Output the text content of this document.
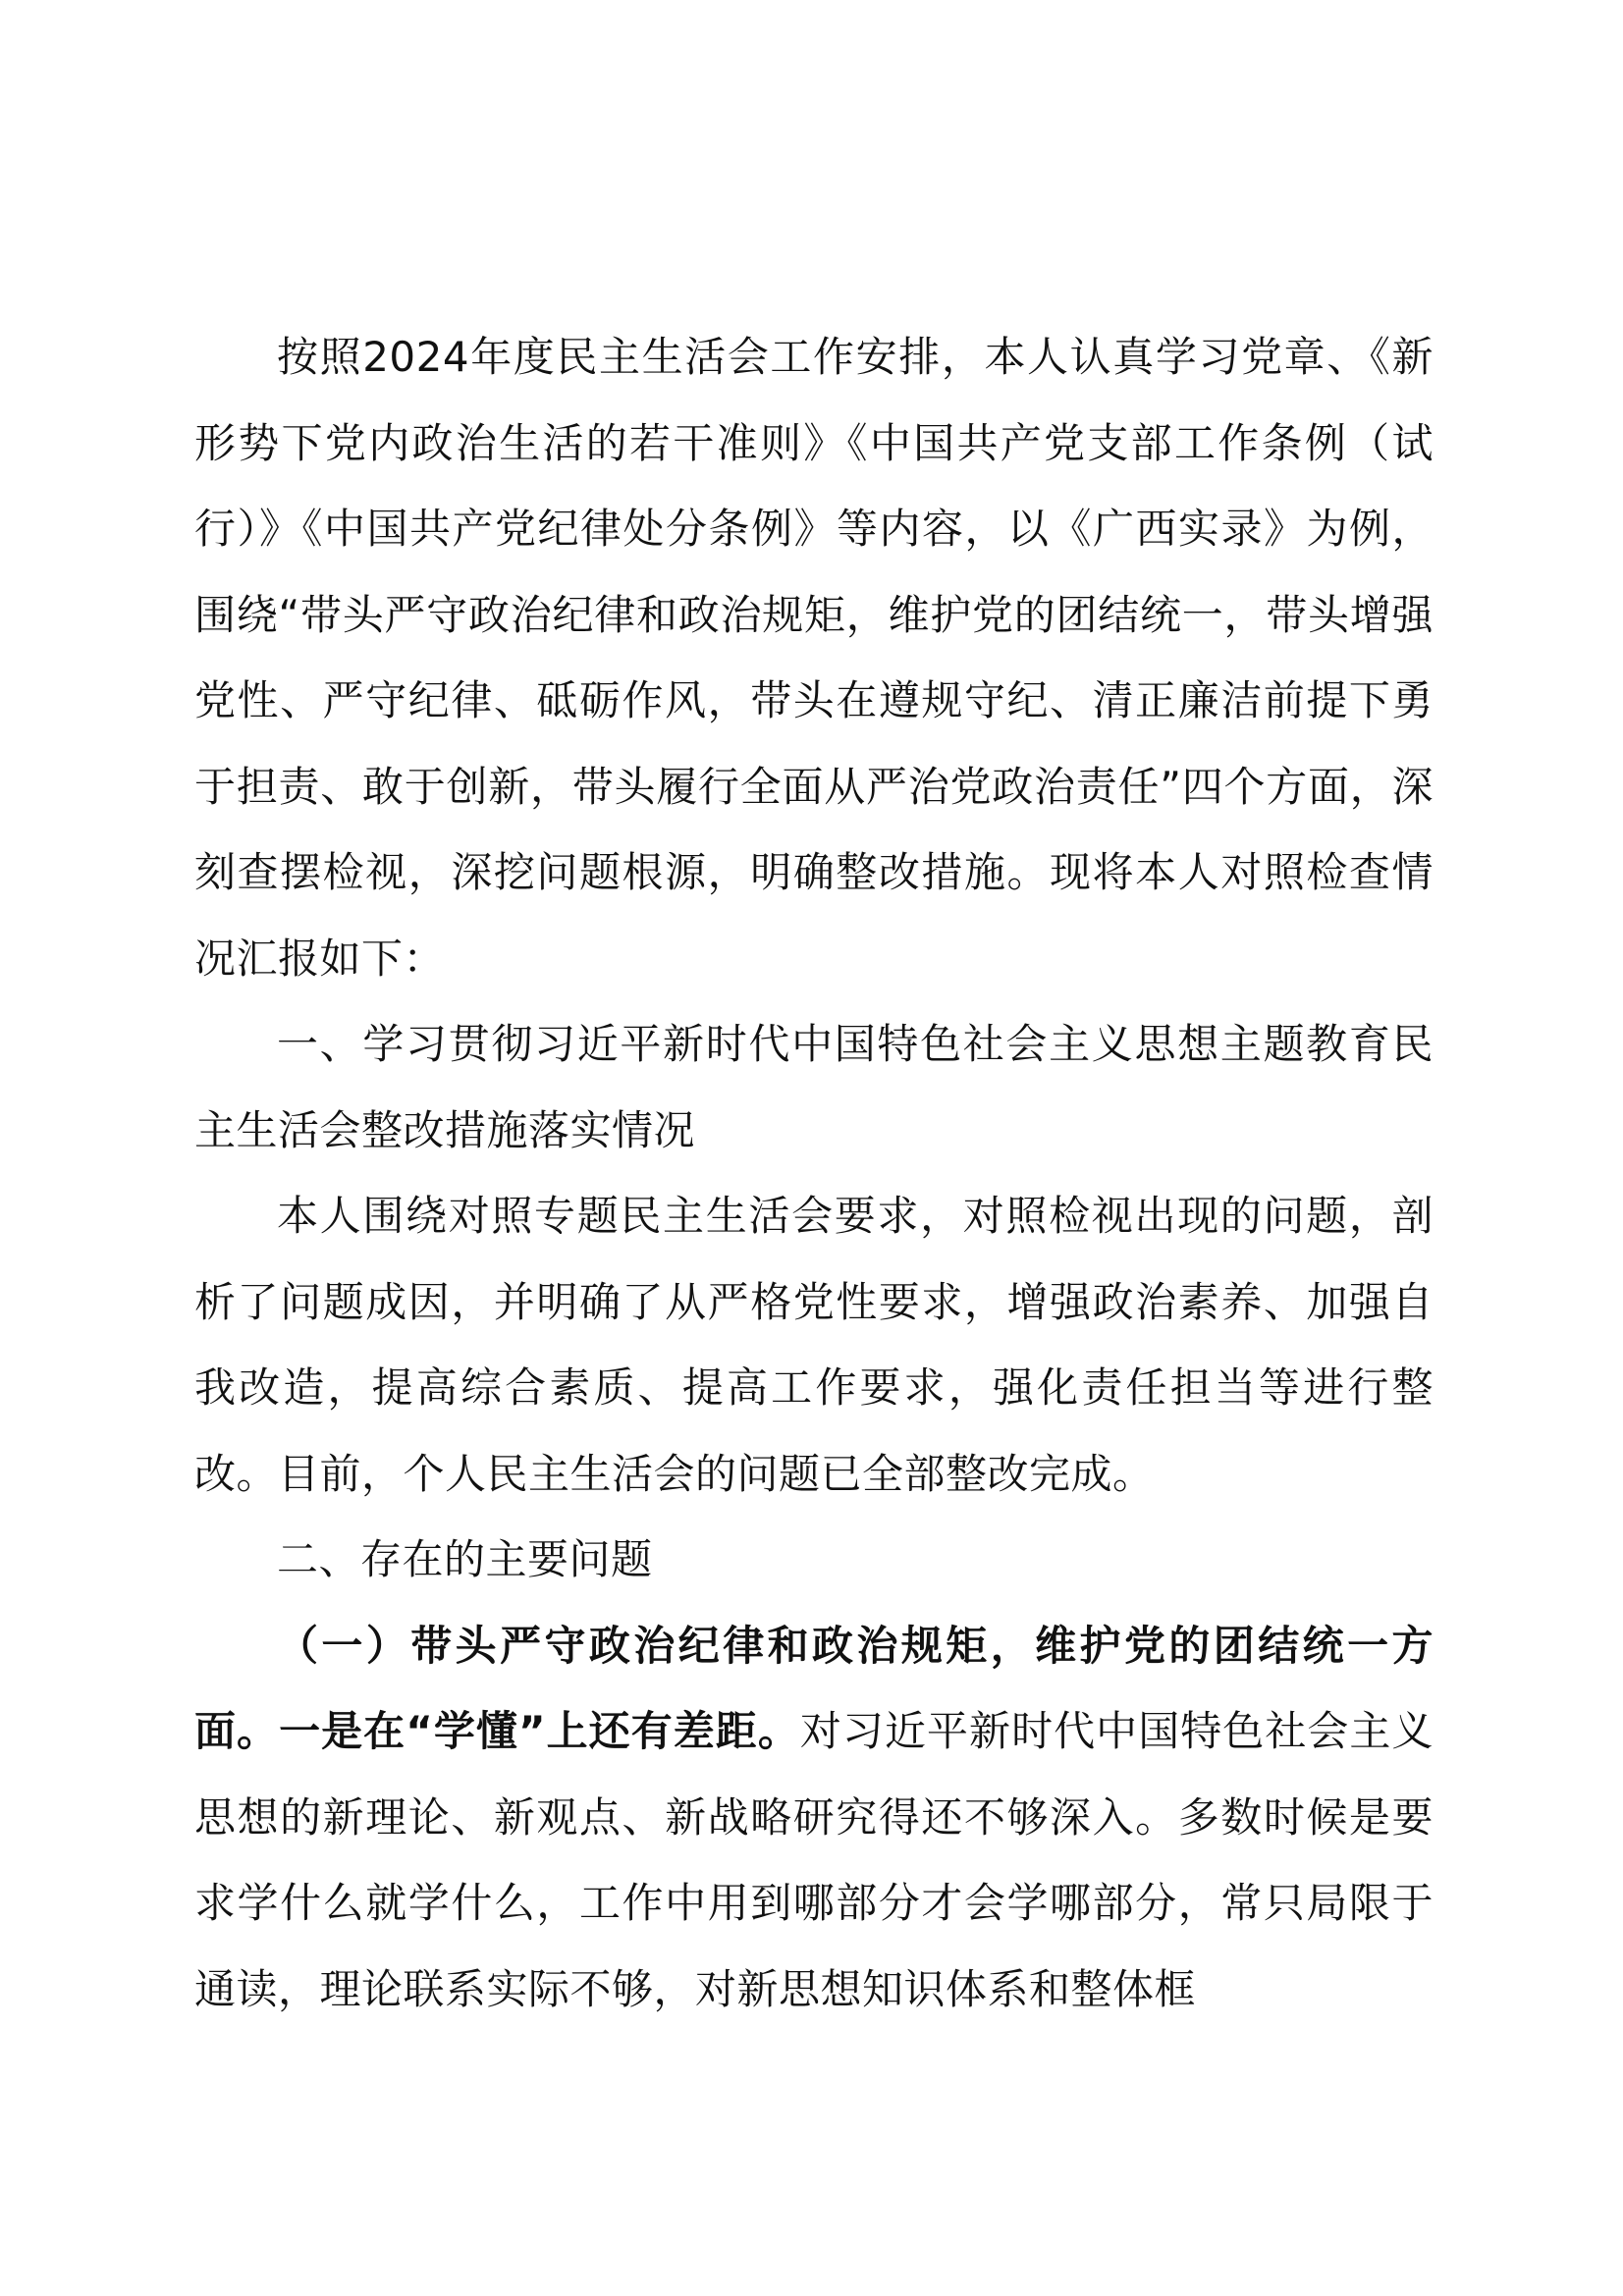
按照2024年度民主生活会工作安排，本人认真学习党章、《新形势下党内政治生活的若干准则》《中国共产党支部工作条例（试行）》《中国共产党纪律处分条例》等内容，以《广西实录》为例，围绕“带头严守政治纪律和政治规矩，维护党的团结统一，带头增强党性、严守纪律、砥砺作风，带头在遵规守纪、清正廉洁前提下勇于担责、敢于创新，带头履行全面从严治党政治责任”四个方面，深刻查摆检视，深挖问题根源，明确整改措施。现将本人对照检查情况汇报如下：

一、学习贯彻习近平新时代中国特色社会主义思想主题教育民主生活会整改措施落实情况

本人围绕对照专题民主生活会要求，对照检视出现的问题，剖析了问题成因，并明确了从严格党性要求，增强政治素养、加强自我改造，提高综合素质、提高工作要求，强化责任担当等进行整改。目前，个人民主生活会的问题已全部整改完成。

二、存在的主要问题

（一）带头严守政治纪律和政治规矩，维护党的团结统一方面。一是在“学懂”上还有差距。对习近平新时代中国特色社会主义思想的新理论、新观点、新战略研究得还不够深入。多数时候是要求学什么就学什么，工作中用到哪部分才会学哪部分，常只局限于通读，理论联系实际不够，对新思想知识体系和整体框
